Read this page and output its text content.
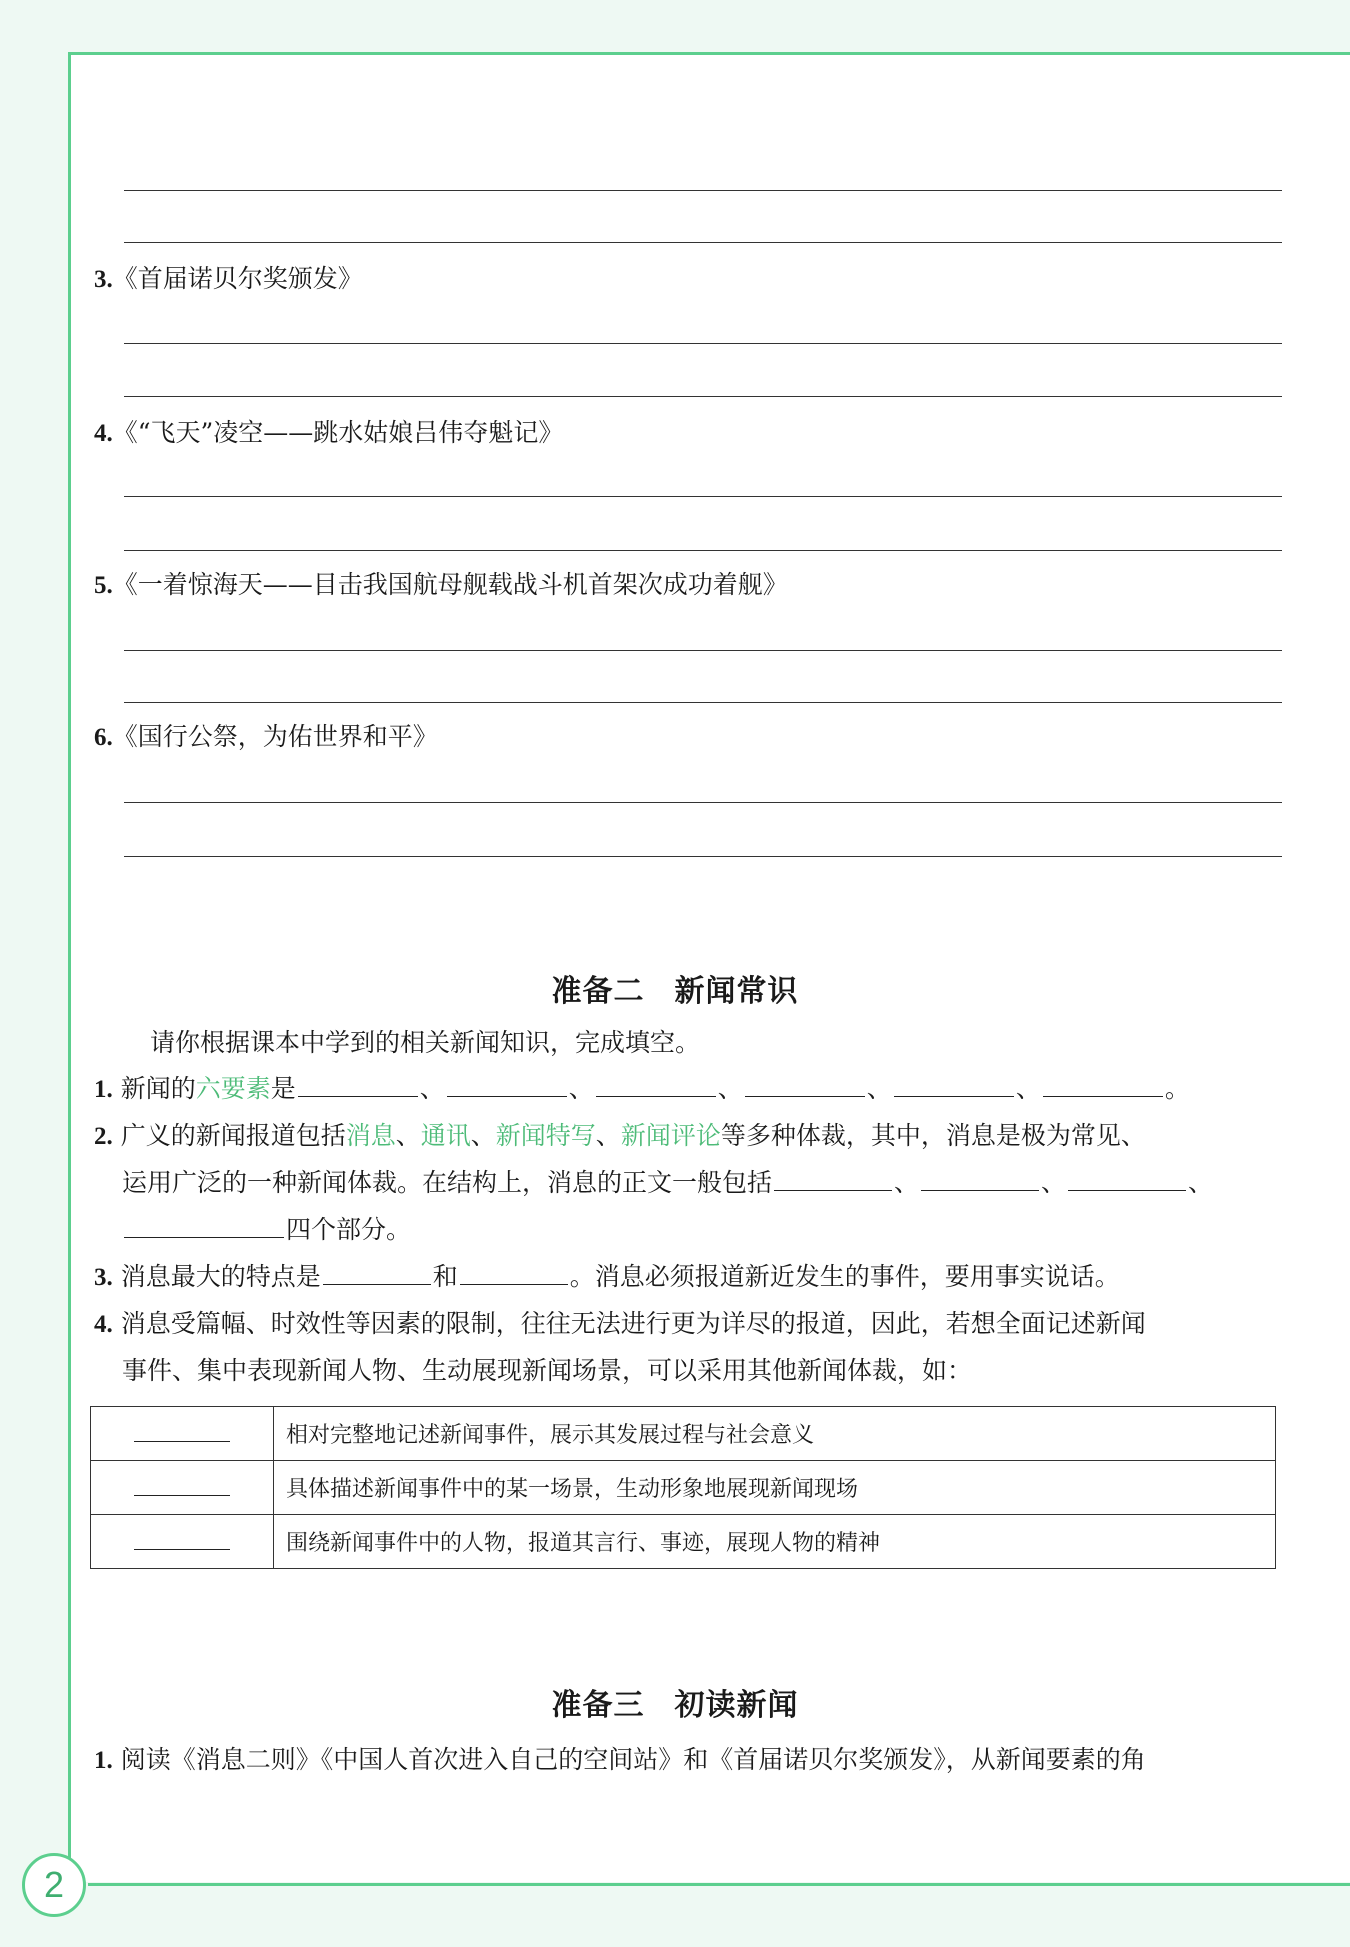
2
3.《首届诺贝尔奖颁发》
4.《“飞天”凌空——跳水姑娘吕伟夺魁记》
5.《一着惊海天——目击我国航母舰载战斗机首架次成功着舰》
6.《国行公祭，为佑世界和平》
准备二 新闻常识
请你根据课本中学到的相关新闻知识，完成填空。
1. 新闻的六要素是	、	、	、	、	、	。
2. 广义的新闻报道包括消息、通讯、新闻特写、新闻评论等多种体裁，其中，消息是极为常见、
运用广泛的一种新闻体裁。在结构上，消息的正文一般包括	、	、	、
四个部分。
3. 消息最大的特点是	和	。消息必须报道新近发生的事件，要用事实说话。
4. 消息受篇幅、时效性等因素的限制，往往无法进行更为详尽的报道，因此，若想全面记述新闻
事件、集中表现新闻人物、生动展现新闻场景，可以采用其他新闻体裁，如：
	相对完整地记述新闻事件，展示其发展过程与社会意义
	具体描述新闻事件中的某一场景，生动形象地展现新闻现场
	围绕新闻事件中的人物，报道其言行、事迹，展现人物的精神
准备三 初读新闻
1. 阅读《消息二则》《中国人首次进入自己的空间站》和《首届诺贝尔奖颁发》，从新闻要素的角
